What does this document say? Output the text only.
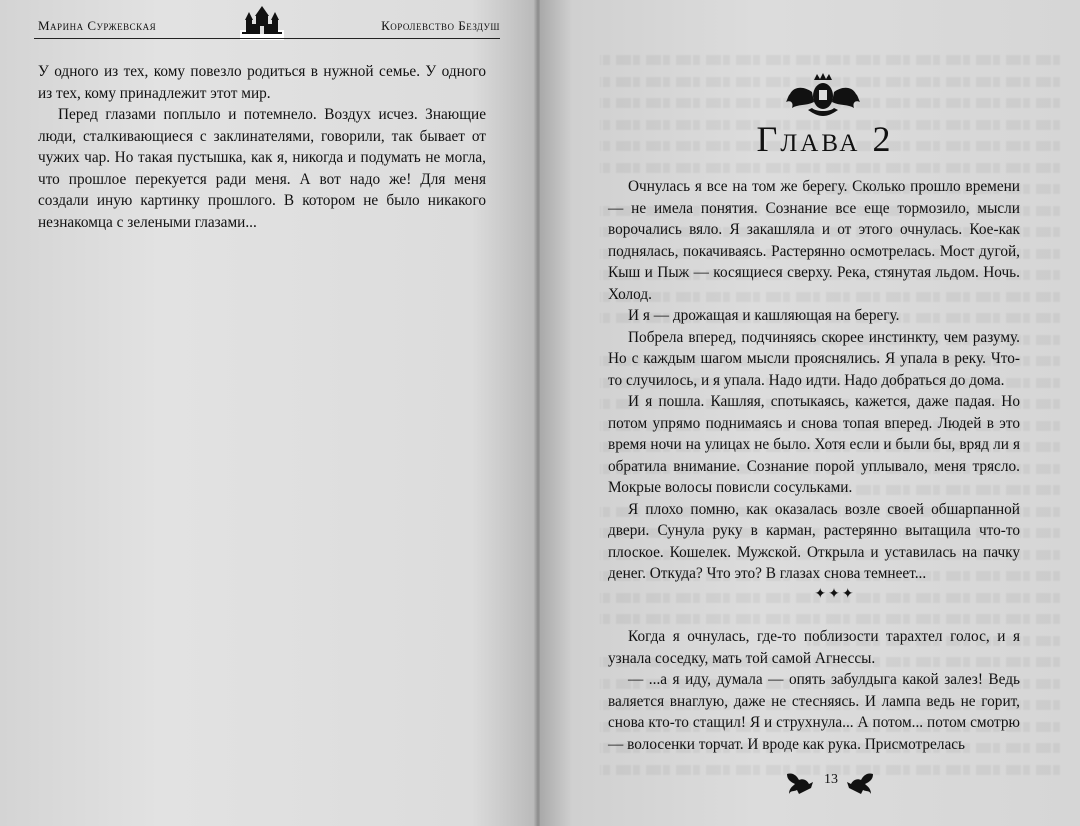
Марина Суржевская	Королевство Бездуш

У одного из тех, кому повезло родиться в нужной семье. У одного из тех, кому принадлежит этот мир.

Перед глазами поплыло и потемнело. Воздух исчез. Знающие люди, сталкивающиеся с заклинателями, говорили, так бывает от чужих чар. Но такая пустышка, как я, никогда и подумать не могла, что прошлое перекуется ради меня. А вот надо же! Для меня создали иную картинку прошлого. В котором не было никакого незнакомца с зелеными глазами...

Глава 2

Очнулась я все на том же берегу. Сколько прошло времени — не имела понятия. Сознание все еще тормозило, мысли ворочались вяло. Я закашляла и от этого очнулась. Кое-как поднялась, покачиваясь. Растерянно осмотрелась. Мост дугой, Кыш и Пыж — косящиеся сверху. Река, стянутая льдом. Ночь. Холод.

И я — дрожащая и кашляющая на берегу.

Побрела вперед, подчиняясь скорее инстинкту, чем разуму. Но с каждым шагом мысли прояснялись. Я упала в реку. Что-то случилось, и я упала. Надо идти. Надо добраться до дома.

И я пошла. Кашляя, спотыкаясь, кажется, даже падая. Но потом упрямо поднимаясь и снова топая вперед. Людей в это время ночи на улицах не было. Хотя если и были бы, вряд ли я обратила внимание. Сознание порой уплывало, меня трясло. Мокрые волосы повисли сосульками.

Я плохо помню, как оказалась возле своей обшарпанной двери. Сунула руку в карман, растерянно вытащила что-то плоское. Кошелек. Мужской. Открыла и уставилась на пачку денег. Откуда? Что это? В глазах снова темнеет...

✦✦✦

Когда я очнулась, где-то поблизости тарахтел голос, и я узнала соседку, мать той самой Агнессы.

— ...а я иду, думала — опять забулдыга какой залез! Ведь валяется внаглую, даже не стесняясь. И лампа ведь не горит, снова кто-то стащил! Я и струхнула... А потом... потом смотрю — волосенки торчат. И вроде как рука. Присмотрелась

13
